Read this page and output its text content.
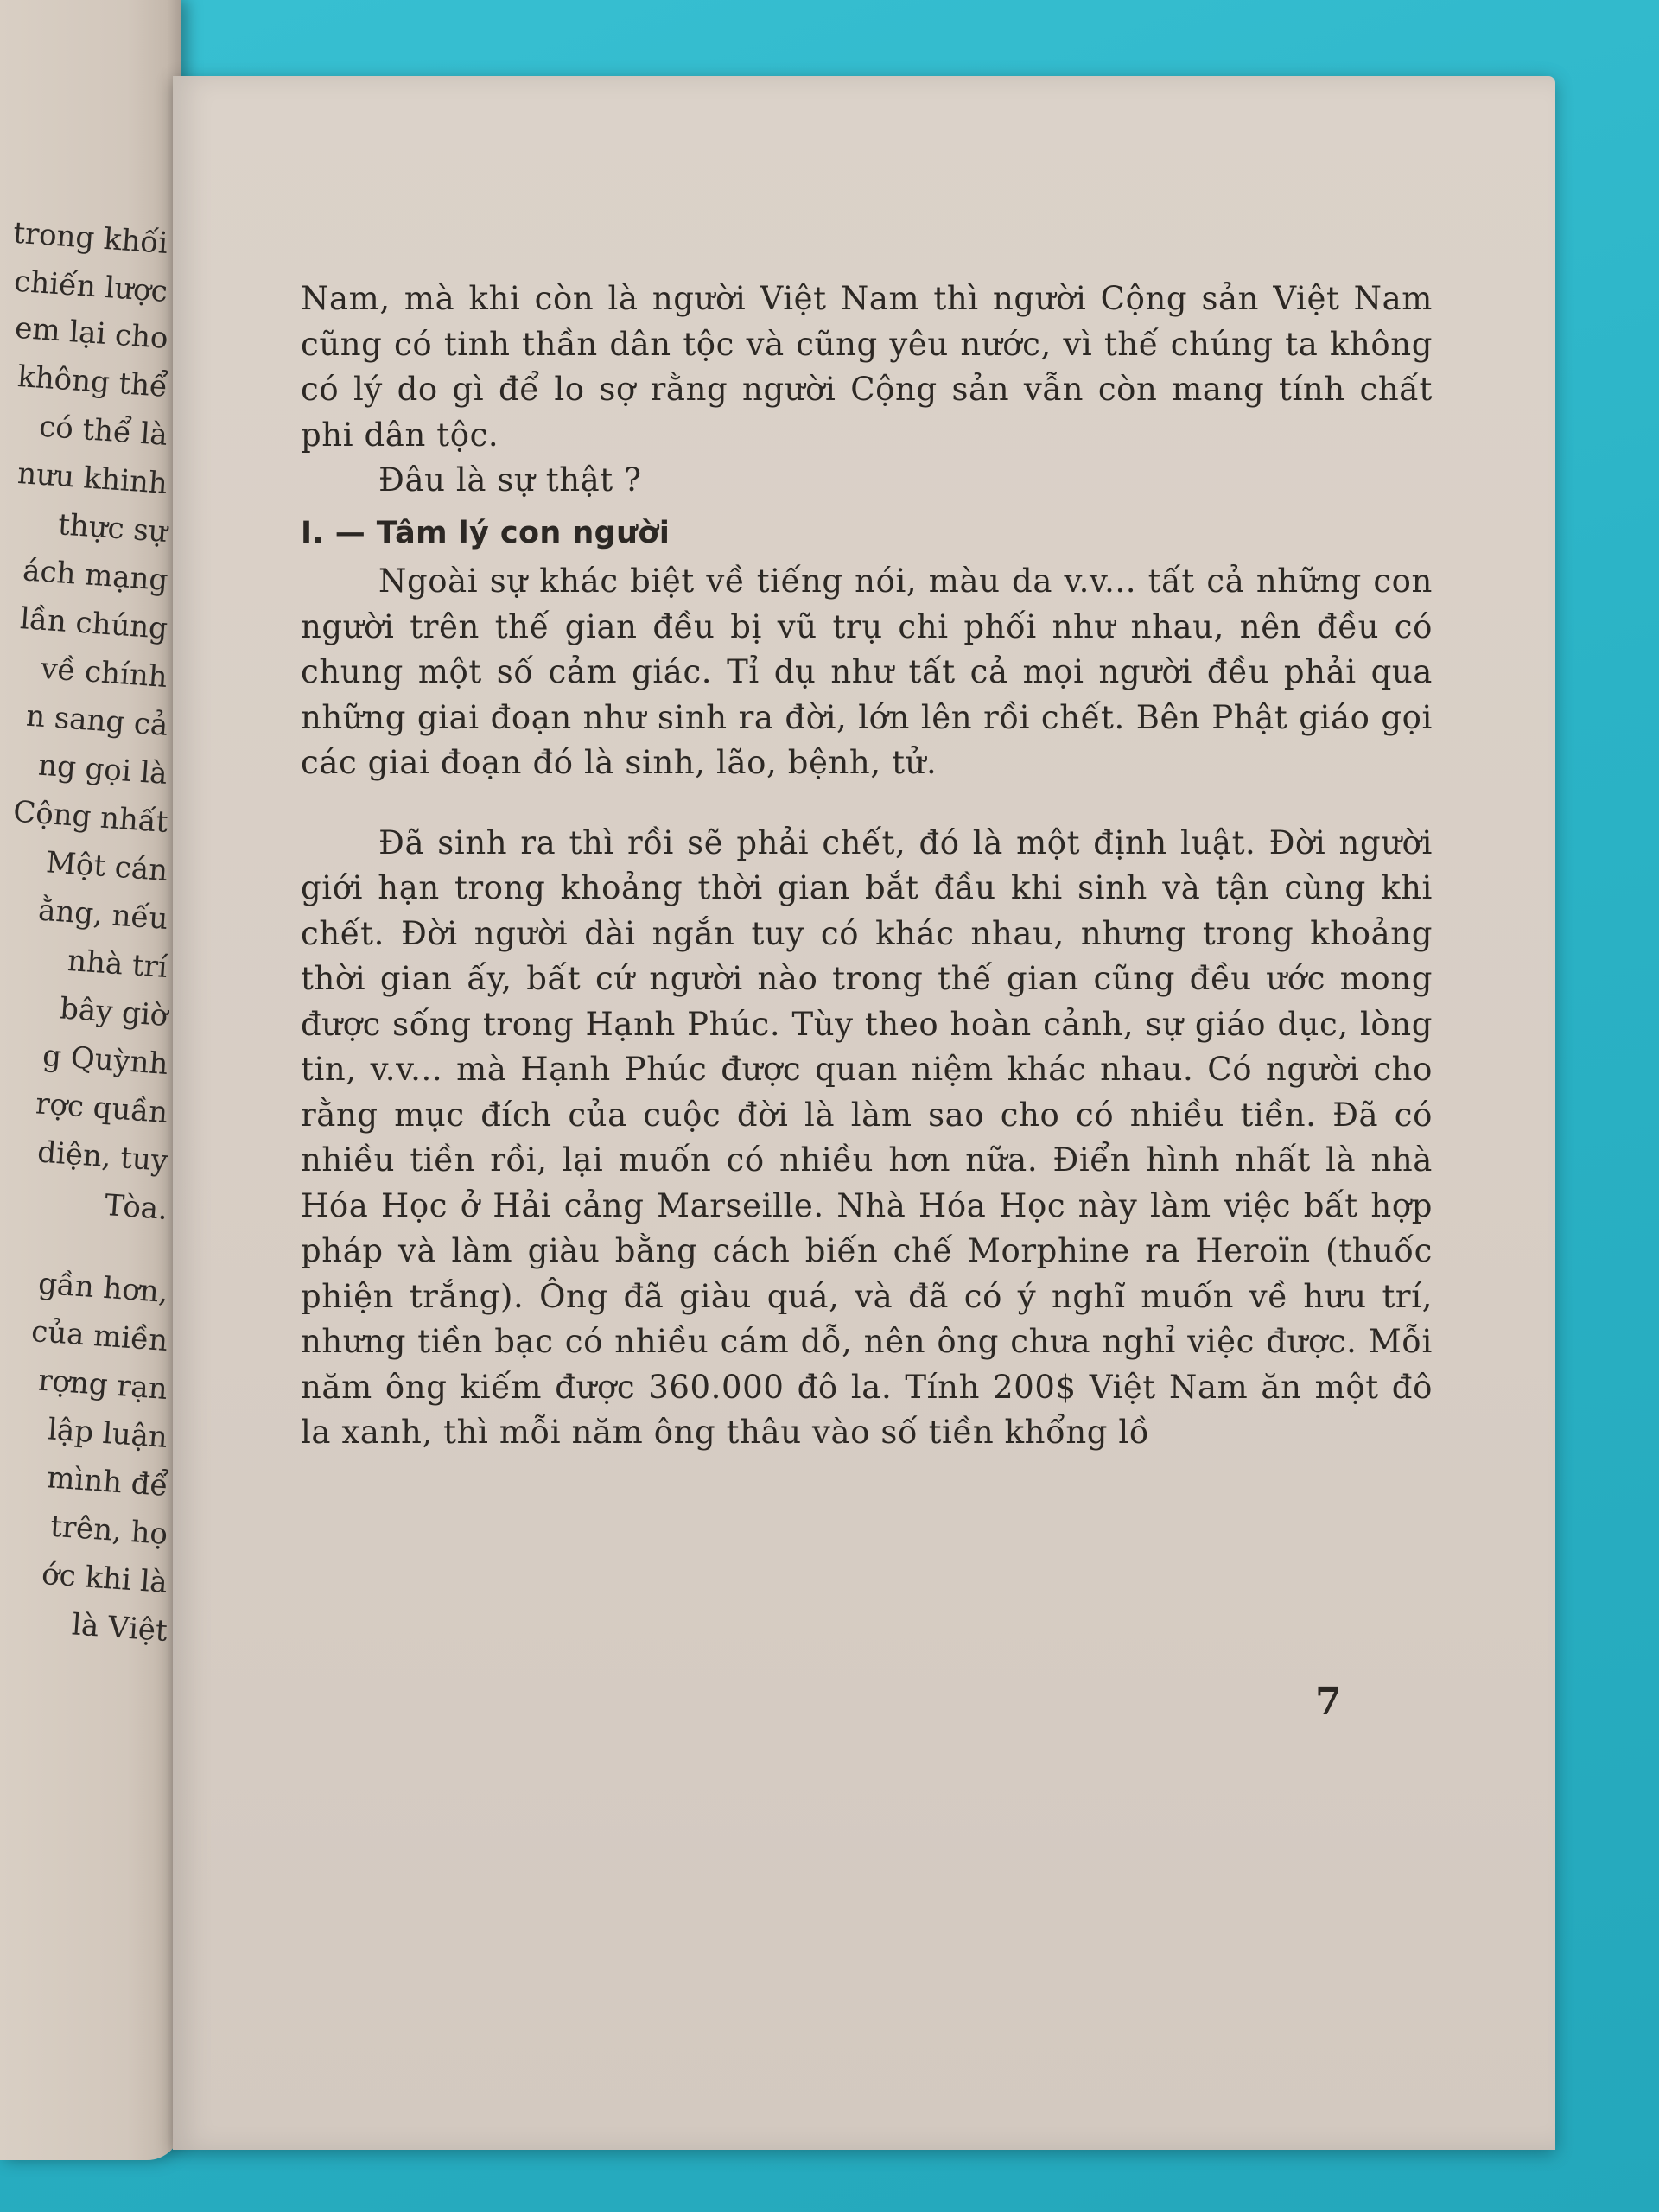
trong khối
chiến lược
em lại cho
không thể
có thể là
nưu khinh
thực sự
ách mạng
lần chúng
về chính
n sang cả
ng gọi là
Cộng nhất
Một cán
ằng, nếu
nhà trí
bây giờ
g Quỳnh
rợc quần
diện, tuy
Tòa.
gần hơn,
của miền
rợng rạn
lập luận
mình để
trên, họ
ớc khi là
là Việt

Nam, mà khi còn là người Việt Nam thì người Cộng sản Việt Nam cũng có tinh thần dân tộc và cũng yêu nước, vì thế chúng ta không có lý do gì để lo sợ rằng người Cộng sản vẫn còn mang tính chất phi dân tộc.

Đâu là sự thật ?

I. — Tâm lý con người

Ngoài sự khác biệt về tiếng nói, màu da v.v... tất cả những con người trên thế gian đều bị vũ trụ chi phối như nhau, nên đều có chung một số cảm giác. Tỉ dụ như tất cả mọi người đều phải qua những giai đoạn như sinh ra đời, lớn lên rồi chết. Bên Phật giáo gọi các giai đoạn đó là sinh, lão, bệnh, tử.

Đã sinh ra thì rồi sẽ phải chết, đó là một định luật. Đời người giới hạn trong khoảng thời gian bắt đầu khi sinh và tận cùng khi chết. Đời người dài ngắn tuy có khác nhau, nhưng trong khoảng thời gian ấy, bất cứ người nào trong thế gian cũng đều ước mong được sống trong Hạnh Phúc. Tùy theo hoàn cảnh, sự giáo dục, lòng tin, v.v... mà Hạnh Phúc được quan niệm khác nhau. Có người cho rằng mục đích của cuộc đời là làm sao cho có nhiều tiền. Đã có nhiều tiền rồi, lại muốn có nhiều hơn nữa. Điển hình nhất là nhà Hóa Học ở Hải cảng Marseille. Nhà Hóa Học này làm việc bất hợp pháp và làm giàu bằng cách biến chế Morphine ra Heroïn (thuốc phiện trắng). Ông đã giàu quá, và đã có ý nghĩ muốn về hưu trí, nhưng tiền bạc có nhiều cám dỗ, nên ông chưa nghỉ việc được. Mỗi năm ông kiếm được 360.000 đô la. Tính 200$ Việt Nam ăn một đô la xanh, thì mỗi năm ông thâu vào số tiền khổng lồ

7
